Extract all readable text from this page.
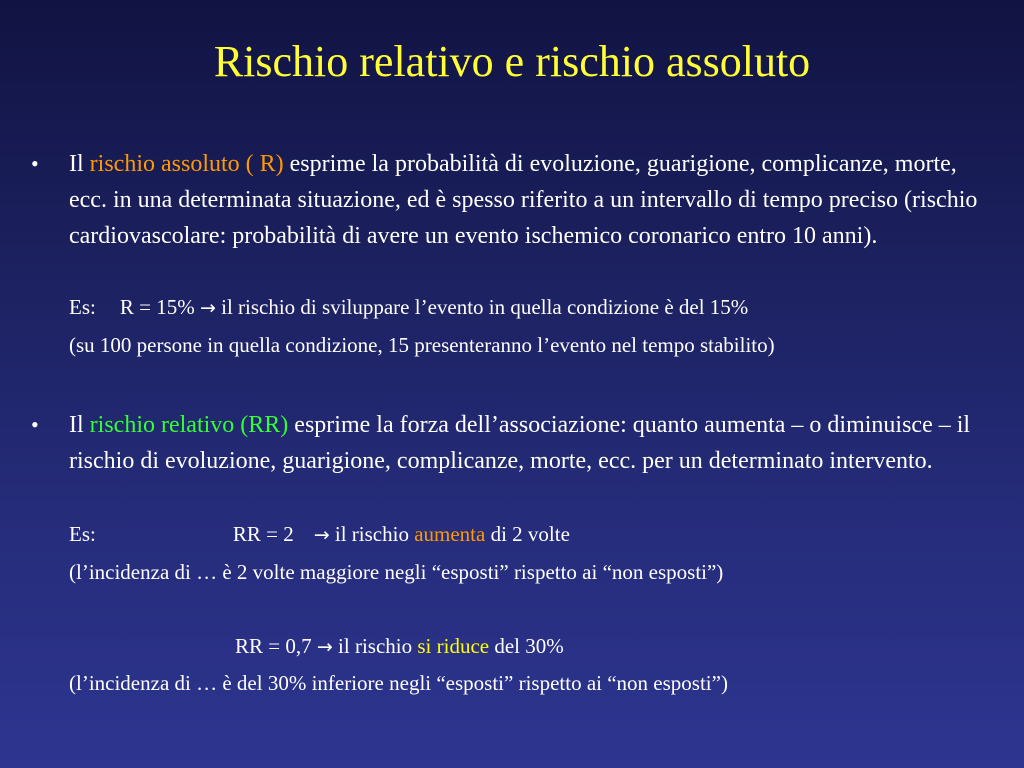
Rischio relativo e rischio assoluto
• Il rischio assoluto ( R) esprime la probabilità di evoluzione, guarigione, complicanze, morte, ecc. in una determinata situazione, ed è spesso riferito a un intervallo di tempo preciso (rischio cardiovascolare: probabilità di avere un evento ischemico coronarico entro 10 anni).
Es: R = 15% → il rischio di sviluppare l’evento in quella condizione è del 15%
(su 100 persone in quella condizione, 15 presenteranno l’evento nel tempo stabilito)
• Il rischio relativo (RR) esprime la forza dell’associazione: quanto aumenta – o diminuisce – il rischio di evoluzione, guarigione, complicanze, morte, ecc. per un determinato intervento.
Es:	RR = 2 → il rischio aumenta di 2 volte
(l’incidenza di … è 2 volte maggiore negli “esposti” rispetto ai “non esposti”)
RR = 0,7 → il rischio si riduce del 30%
(l’incidenza di … è del 30% inferiore negli “esposti” rispetto ai “non esposti”)
